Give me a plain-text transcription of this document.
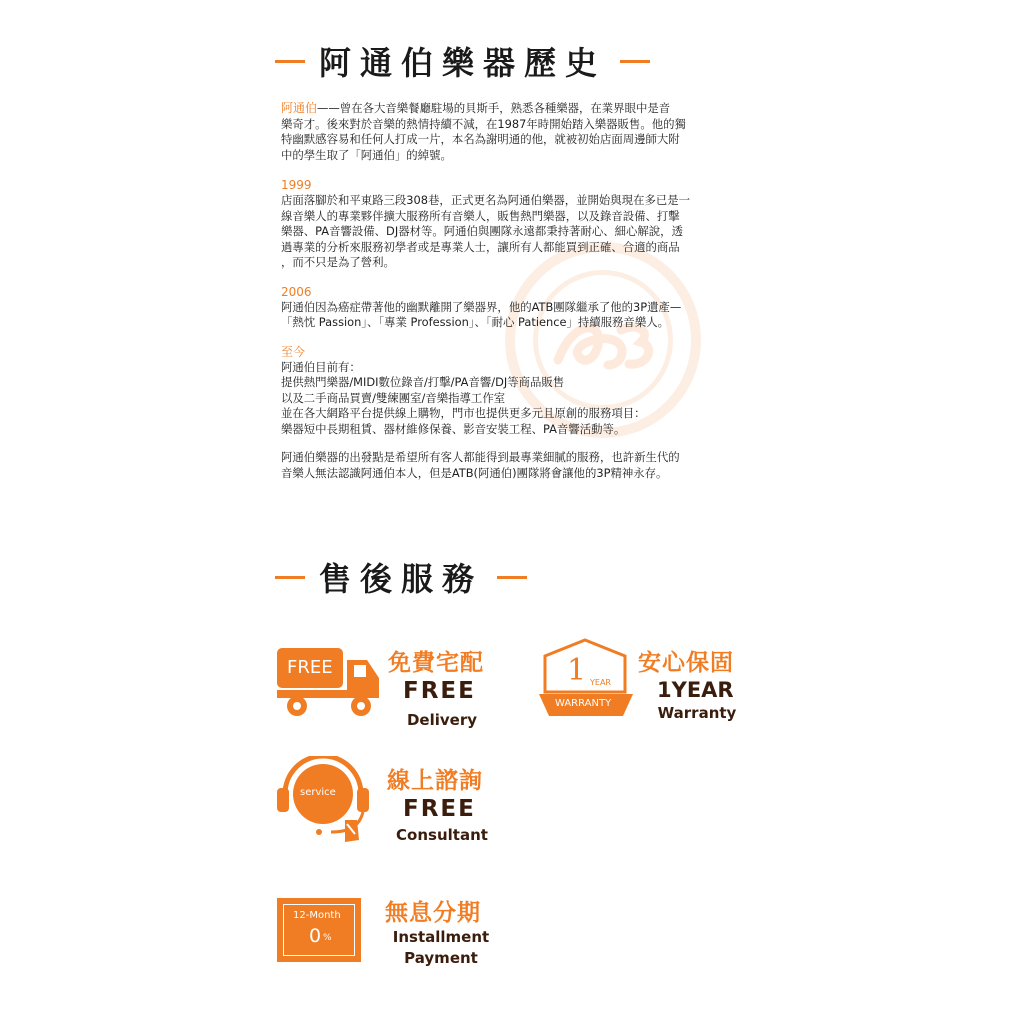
阿通伯樂器歷史

阿通伯——曾在各大音樂餐廳駐場的貝斯手，熟悉各種樂器，在業界眼中是音
樂奇才。後來對於音樂的熱情持續不減，在1987年時開始踏入樂器販售。他的獨
特幽默感容易和任何人打成一片，本名為謝明通的他，就被初始店面周邊師大附
中的學生取了「阿通伯」的綽號。

1999

店面落腳於和平東路三段308巷，正式更名為阿通伯樂器，並開始與現在多已是一
線音樂人的專業夥伴擴大服務所有音樂人，販售熱門樂器，以及錄音設備、打擊
樂器、PA音響設備、DJ器材等。阿通伯與團隊永遠都秉持著耐心、細心解說，透
過專業的分析來服務初學者或是專業人士，讓所有人都能買到正確、合適的商品
，而不只是為了營利。

2006

阿通伯因為癌症帶著他的幽默離開了樂器界，他的ATB團隊繼承了他的3P遺產—
「熱忱 Passion」、「專業 Profession」、「耐心 Patience」持續服務音樂人。

至今

阿通伯目前有：
提供熱門樂器/MIDI數位錄音/打擊/PA音響/DJ等商品販售
以及二手商品買賣/雙練團室/音樂指導工作室
並在各大網路平台提供線上購物，門市也提供更多元且原創的服務項目：
樂器短中長期租賃、器材維修保養、影音安裝工程、PA音響活動等。

阿通伯樂器的出發點是希望所有客人都能得到最專業細膩的服務，也許新生代的
音樂人無法認識阿通伯本人，但是ATB(阿通伯)團隊將會讓他的3P精神永存。

售後服務
FREE 免費宅配
FREE
Delivery
1 YEAR
WARRANTY
安心保固
1YEAR
Warranty
service 線上諮詢
FREE
Consultant
12-Month
0 %
無息分期
Installment
Payment
